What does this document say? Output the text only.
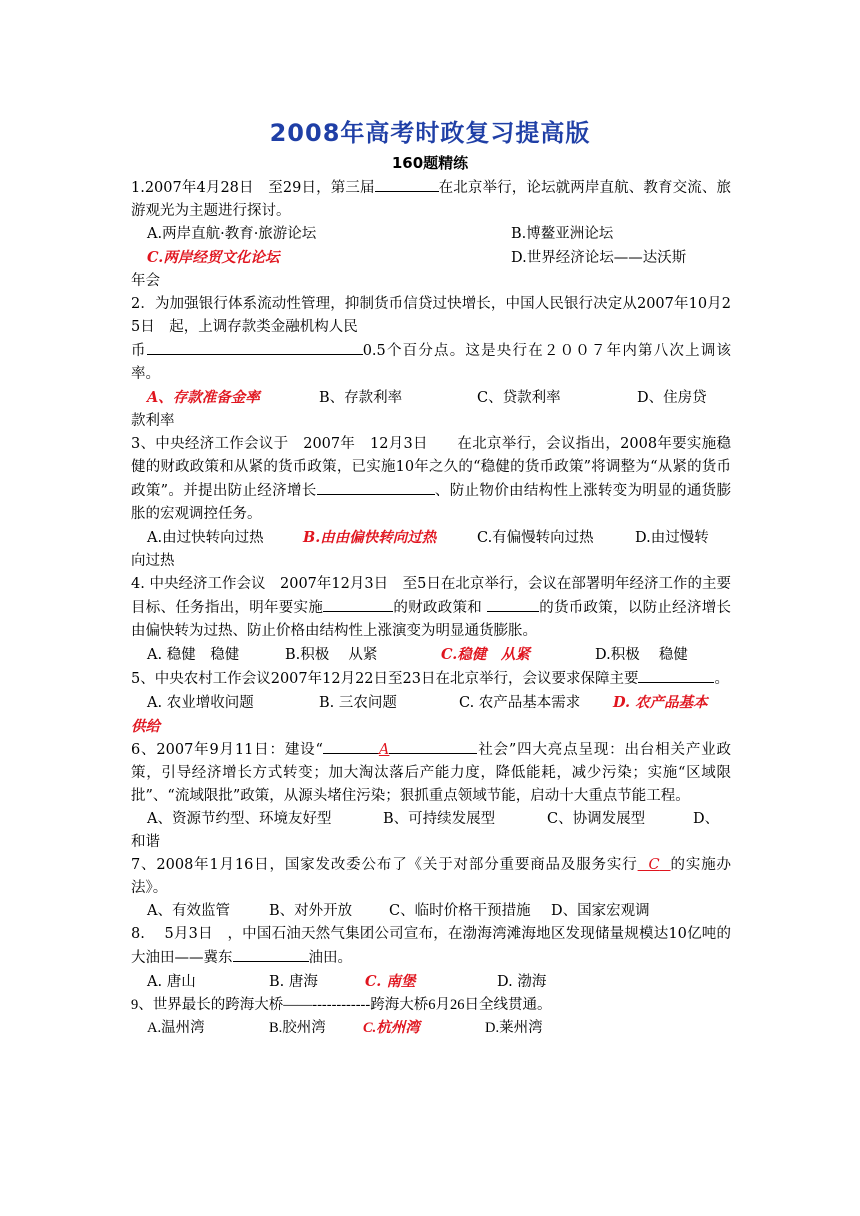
2008年高考时政复习提高版
160题精练

1.2007年4月28日　至29日，第三届	在北京举行，论坛就两岸直航、教育交流、旅游观光为主题进行探讨。

A.两岸直航·教育·旅游论坛	B.博鳌亚洲论坛
C.两岸经贸文化论坛	D.世界经济论坛——达沃斯

年会

2．为加强银行体系流动性管理，抑制货币信贷过快增长，中国人民银行决定从2007年10月25日　起，上调存款类金融机构人民

币	0.5个百分点。这是央行在２００７年内第八次上调该率。

A、存款准备金率	B、存款利率	C、贷款利率	D、住房贷

款利率

3、中央经济工作会议于　2007年　12月3日　　在北京举行，会议指出，2008年要实施稳健的财政政策和从紧的货币政策，已实施10年之久的“稳健的货币政策”将调整为“从紧的货币政策”。并提出防止经济增长	、防止物价由结构性上涨转变为明显的通货膨胀的宏观调控任务。

A.由过快转向过热	B.由由偏快转向过热	C.有偏慢转向过热	D.由过慢转

向过热

4. 中央经济工作会议　2007年12月3日　至5日在北京举行，会议在部署明年经济工作的主要目标、任务指出，明年要实施	的财政政策和	的货币政策，以防止经济增长由偏快转为过热、防止价格由结构性上涨演变为明显通货膨胀。

A. 稳健　稳健	B.积极　 从紧	C.稳健　从紧	D.积极　 稳健

5、中央农村工作会议2007年12月22日至23日在北京举行，会议要求保障主要	。

A. 农业增收问题	B. 三农问题	C. 农产品基本需求 D. 农产品基本

供给

6、2007年9月11日：建设“	A	社会”四大亮点呈现：出台相关产业政策，引导经济增长方式转变；加大淘汰落后产能力度，降低能耗，减少污染；实施“区域限批”、“流域限批”政策，从源头堵住污染；狠抓重点领域节能，启动十大重点节能工程。

A、资源节约型、环境友好型	B、可持续发展型	C、协调发展型	D、

和谐

7、2008年1月16日，国家发改委公布了《关于对部分重要商品及服务实行 C 的实施办法》。

A、有效监管	B、对外开放	C、临时价格干预措施 D、国家宏观调

8.　 5月3日　，中国石油天然气集团公司宣布，在渤海湾滩海地区发现储量规模达10亿吨的大油田——冀东	油田。

A. 唐山	B. 唐海	C. 南堡	D. 渤海

9、世界最长的跨海大桥——------------跨海大桥6月26日全线贯通。

A.温州湾	B.胶州湾	C.杭州湾	D.莱州湾
